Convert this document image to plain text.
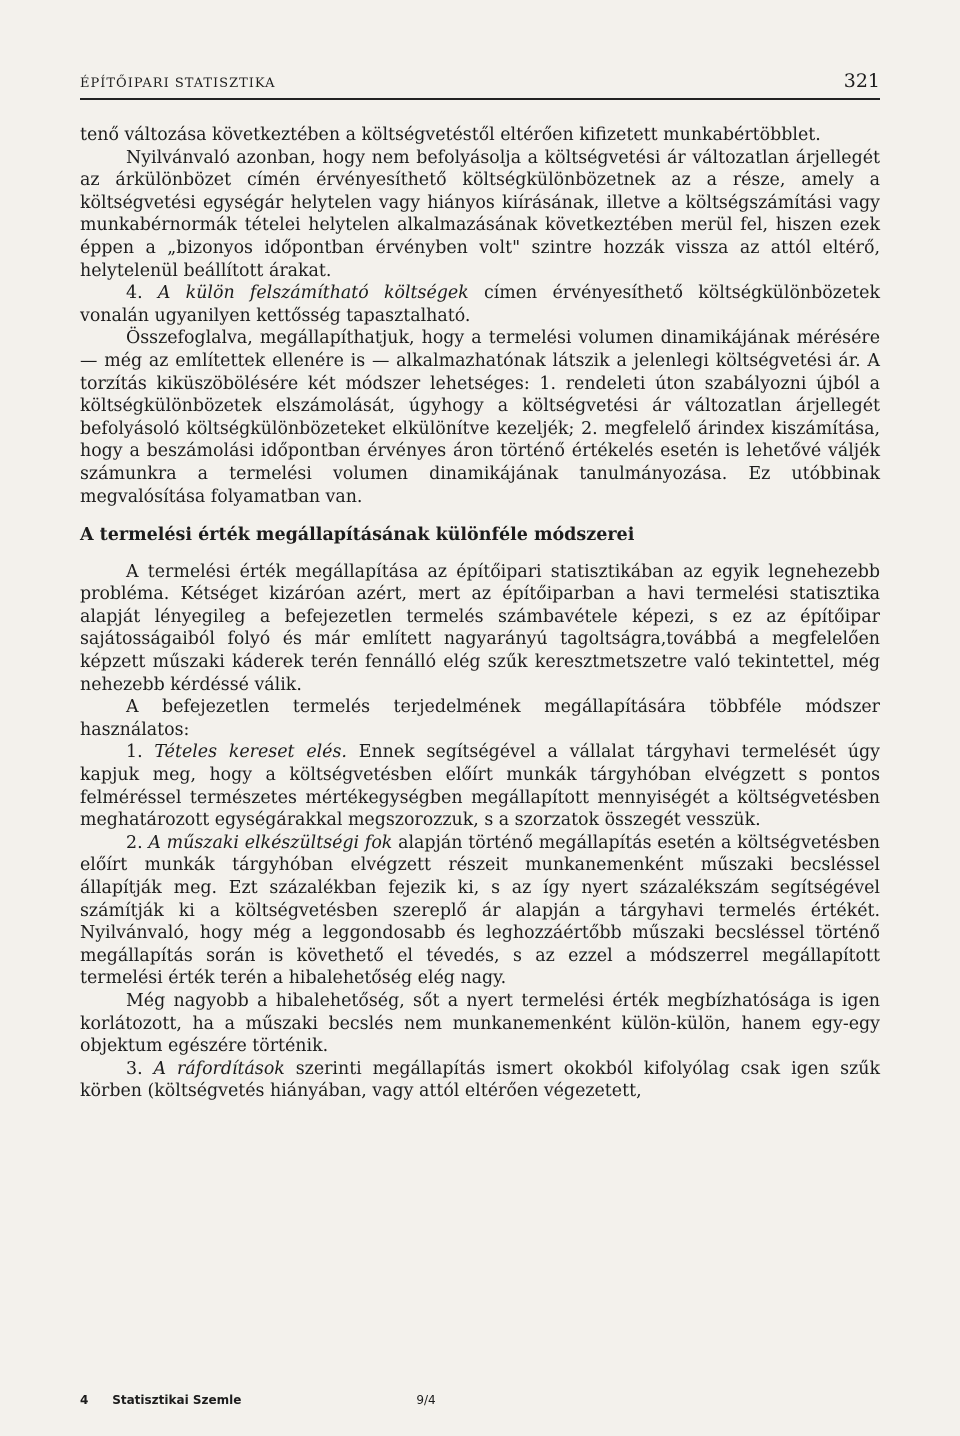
ÉPÍTŐIPARI STATISZTIKA	321

tenő változása következtében a költségvetéstől eltérően kifizetett munkabértöbblet.

Nyilvánvaló azonban, hogy nem befolyásolja a költségvetési ár változatlan árjellegét az árkülönbözet címén érvényesíthető költségkülönbözetnek az a része, amely a költségvetési egységár helytelen vagy hiányos kiírásának, illetve a költségszámítási vagy munkabérnormák tételei helytelen alkalmazásának következtében merül fel, hiszen ezek éppen a „bizonyos időpontban érvényben volt" szintre hozzák vissza az attól eltérő, helytelenül beállított árakat.

4. A külön felszámítható költségek címen érvényesíthető költségkülönbözetek vonalán ugyanilyen kettősség tapasztalható.

Összefoglalva, megállapíthatjuk, hogy a termelési volumen dinamikájának mérésére — még az említettek ellenére is — alkalmazhatónak látszik a jelenlegi költségvetési ár. A torzítás kiküszöbölésére két módszer lehetséges: 1. rendeleti úton szabályozni újból a költségkülönbözetek elszámolását, úgyhogy a költségvetési ár változatlan árjellegét befolyásoló költségkülönbözeteket elkülönítve kezeljék; 2. megfelelő árindex kiszámítása, hogy a beszámolási időpontban érvényes áron történő értékelés esetén is lehetővé váljék számunkra a termelési volumen dinamikájának tanulmányozása. Ez utóbbinak megvalósítása folyamatban van.

A termelési érték megállapításának különféle módszerei

A termelési érték megállapítása az építőipari statisztikában az egyik legnehezebb probléma. Kétséget kizáróan azért, mert az építőiparban a havi termelési statisztika alapját lényegileg a befejezetlen termelés számbavétele képezi, s ez az építőipar sajátosságaiból folyó és már említett nagyarányú tagoltságra,továbbá a megfelelően képzett műszaki káderek terén fennálló elég szűk keresztmetszetre való tekintettel, még nehezebb kérdéssé válik.

A befejezetlen termelés terjedelmének megállapítására többféle módszer használatos:

1. Tételes kereset elés. Ennek segítségével a vállalat tárgyhavi termelését úgy kapjuk meg, hogy a költségvetésben előírt munkák tárgyhóban elvégzett s pontos felméréssel természetes mértékegységben megállapított mennyiségét a költségvetésben meghatározott egységárakkal megszorozzuk, s a szorzatok összegét vesszük.

2. A műszaki elkészültségi fok alapján történő megállapítás esetén a költségvetésben előírt munkák tárgyhóban elvégzett részeit munkanemenként műszaki becsléssel állapítják meg. Ezt százalékban fejezik ki, s az így nyert százalékszám segítségével számítják ki a költségvetésben szereplő ár alapján a tárgyhavi termelés értékét. Nyilvánvaló, hogy még a leggondosabb és leghozzáértőbb műszaki becsléssel történő megállapítás során is követhető el tévedés, s az ezzel a módszerrel megállapított termelési érték terén a hibalehetőség elég nagy.

Még nagyobb a hibalehetőség, sőt a nyert termelési érték megbízhatósága is igen korlátozott, ha a műszaki becslés nem munkanemenként külön-külön, hanem egy-egy objektum egészére történik.

3. A ráfordítások szerinti megállapítás ismert okokból kifolyólag csak igen szűk körben (költségvetés hiányában, vagy attól eltérően végezetett,

4 Statisztikai Szemle	9/4
